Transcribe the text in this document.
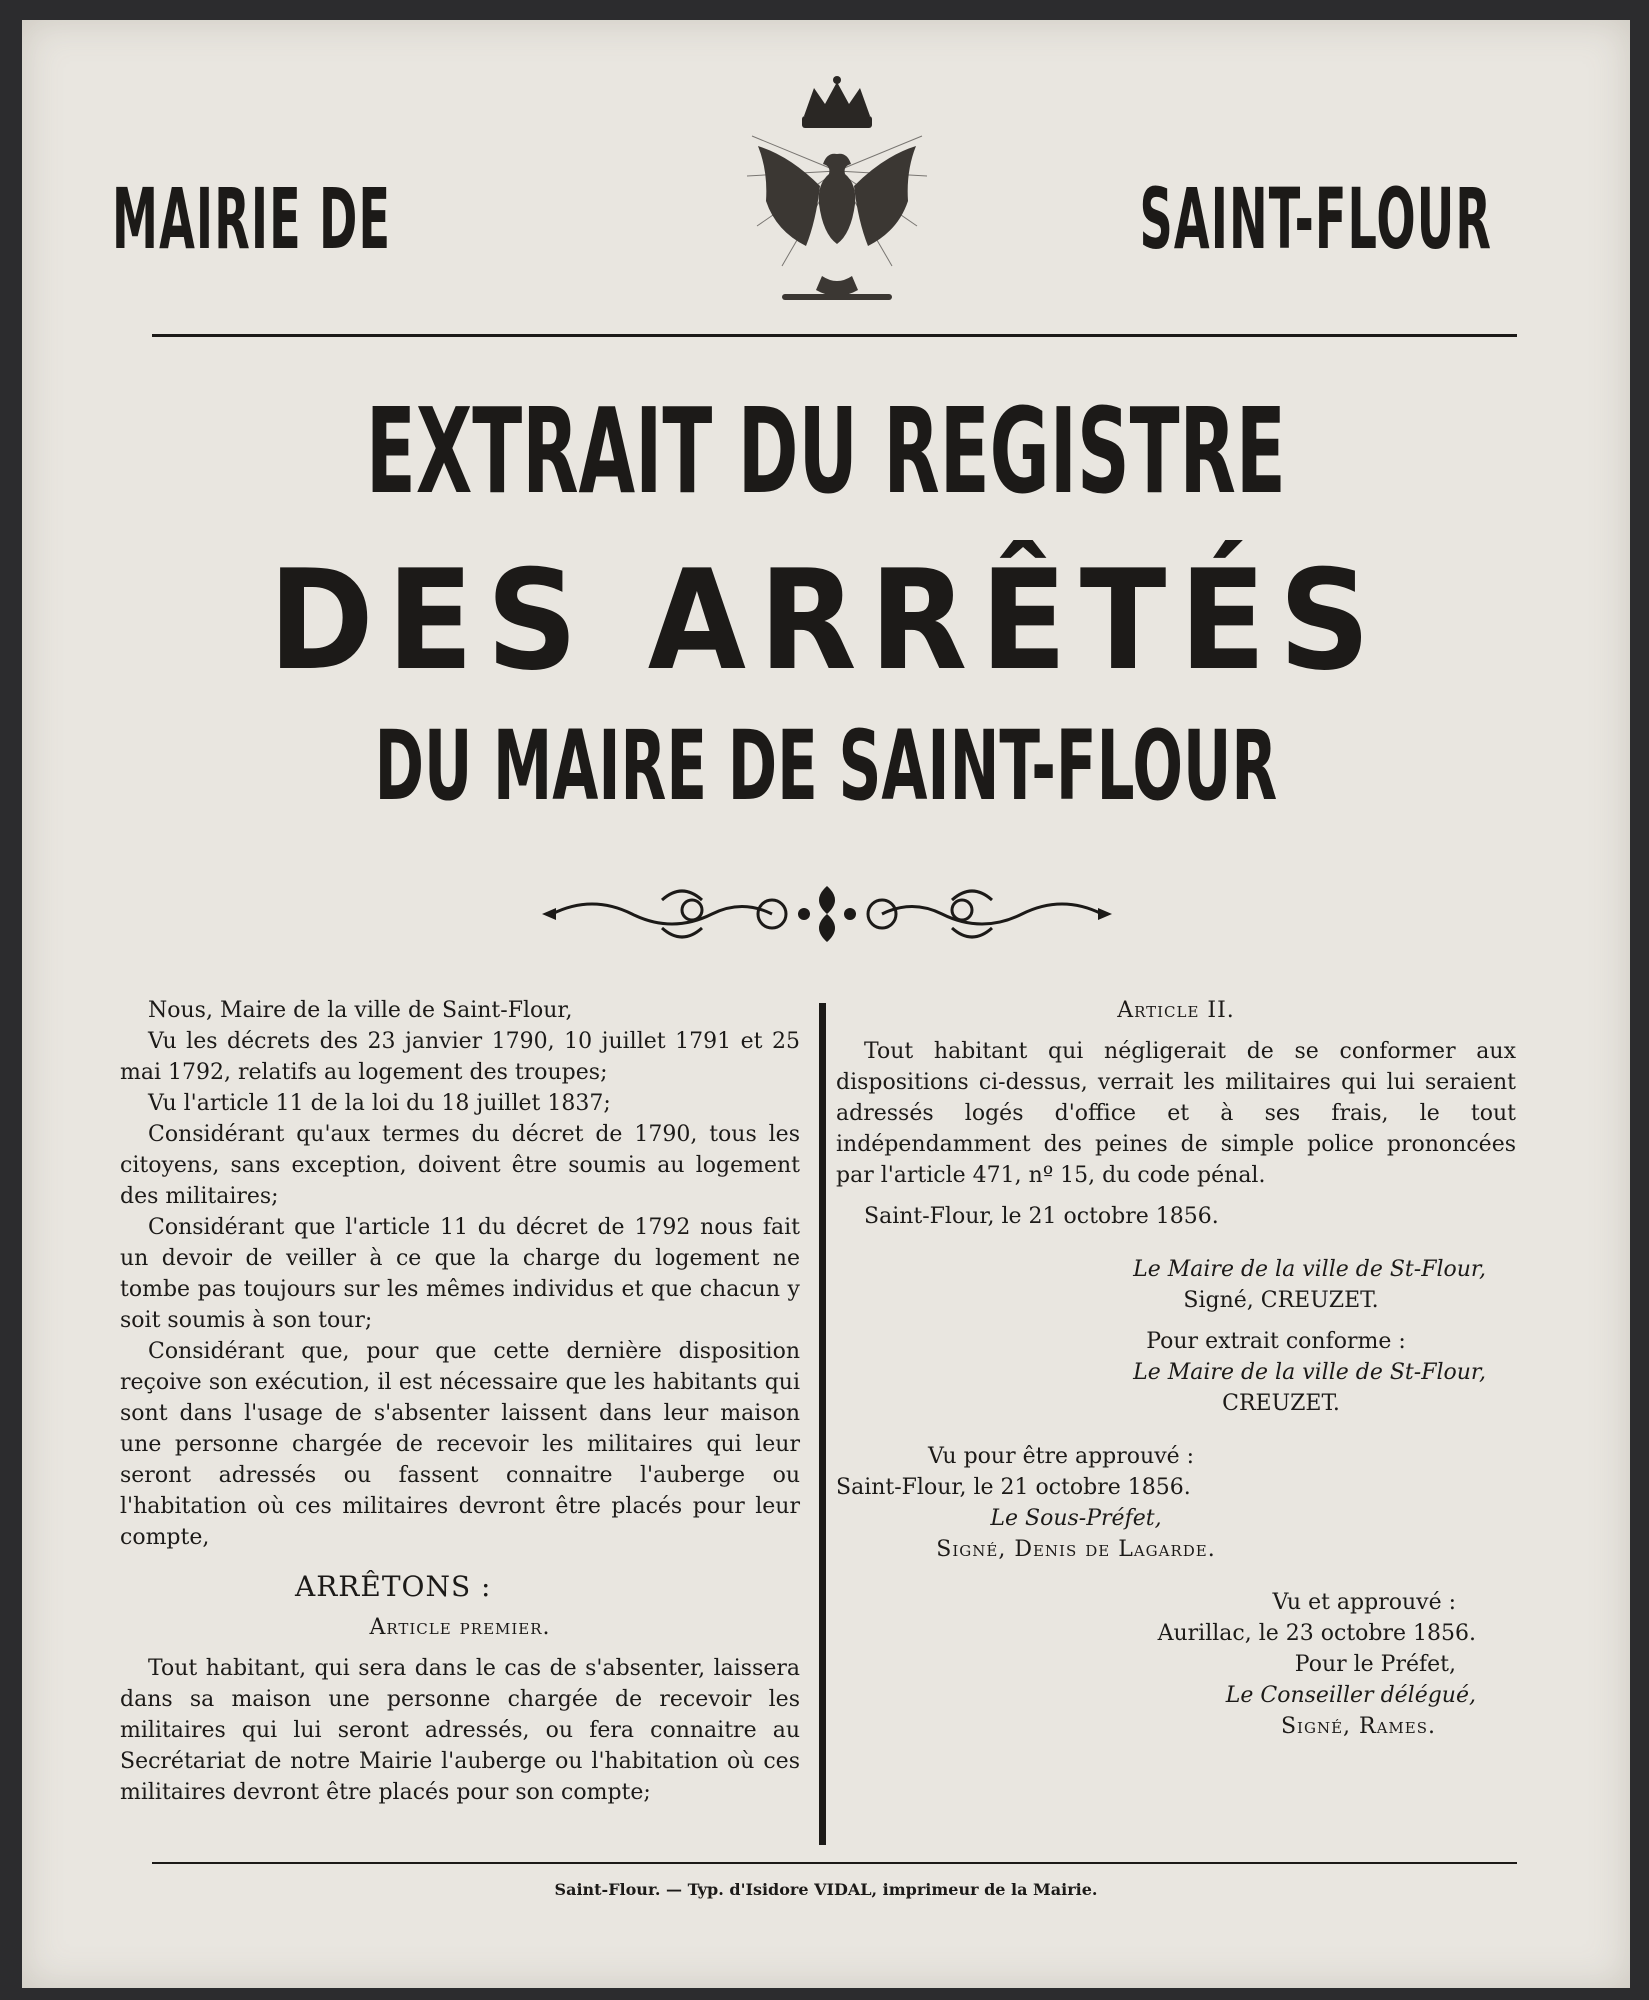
MAIRIE DE	SAINT-FLOUR
EXTRAIT DU REGISTRE
DES ARRÊTÉS
DU MAIRE DE SAINT-FLOUR

Nous, Maire de la ville de Saint-Flour,

Vu les décrets des 23 janvier 1790, 10 juillet 1791 et 25 mai 1792, relatifs au logement des troupes;

Vu l'article 11 de la loi du 18 juillet 1837;

Considérant qu'aux termes du décret de 1790, tous les citoyens, sans exception, doivent être soumis au logement des militaires;

Considérant que l'article 11 du décret de 1792 nous fait un devoir de veiller à ce que la charge du logement ne tombe pas toujours sur les mêmes individus et que chacun y soit soumis à son tour;

Considérant que, pour que cette dernière disposition reçoive son exécution, il est nécessaire que les habitants qui sont dans l'usage de s'absenter laissent dans leur maison une personne chargée de recevoir les militaires qui leur seront adressés ou fassent connaitre l'auberge ou l'habitation où ces militaires devront être placés pour leur compte,

ARRÊTONS :

Article premier.

Tout habitant, qui sera dans le cas de s'absenter, laissera dans sa maison une personne chargée de recevoir les militaires qui lui seront adressés, ou fera connaitre au Secrétariat de notre Mairie l'auberge ou l'habitation où ces militaires devront être placés pour son compte;

Article II.

Tout habitant qui négligerait de se conformer aux dispositions ci-dessus, verrait les militaires qui lui seraient adressés logés d'office et à ses frais, le tout indépendamment des peines de simple police prononcées par l'article 471, nº 15, du code pénal.

Saint-Flour, le 21 octobre 1856.

Le Maire de la ville de St-Flour,

Signé, CREUZET.

Pour extrait conforme :

Le Maire de la ville de St-Flour,

CREUZET.

Vu pour être approuvé :

Saint-Flour, le 21 octobre 1856.

Le Sous-Préfet,

Signé, Denis de Lagarde.

Vu et approuvé :

Aurillac, le 23 octobre 1856.

Pour le Préfet,

Le Conseiller délégué,

Signé, Rames.

Saint-Flour. — Typ. d'Isidore VIDAL, imprimeur de la Mairie.
